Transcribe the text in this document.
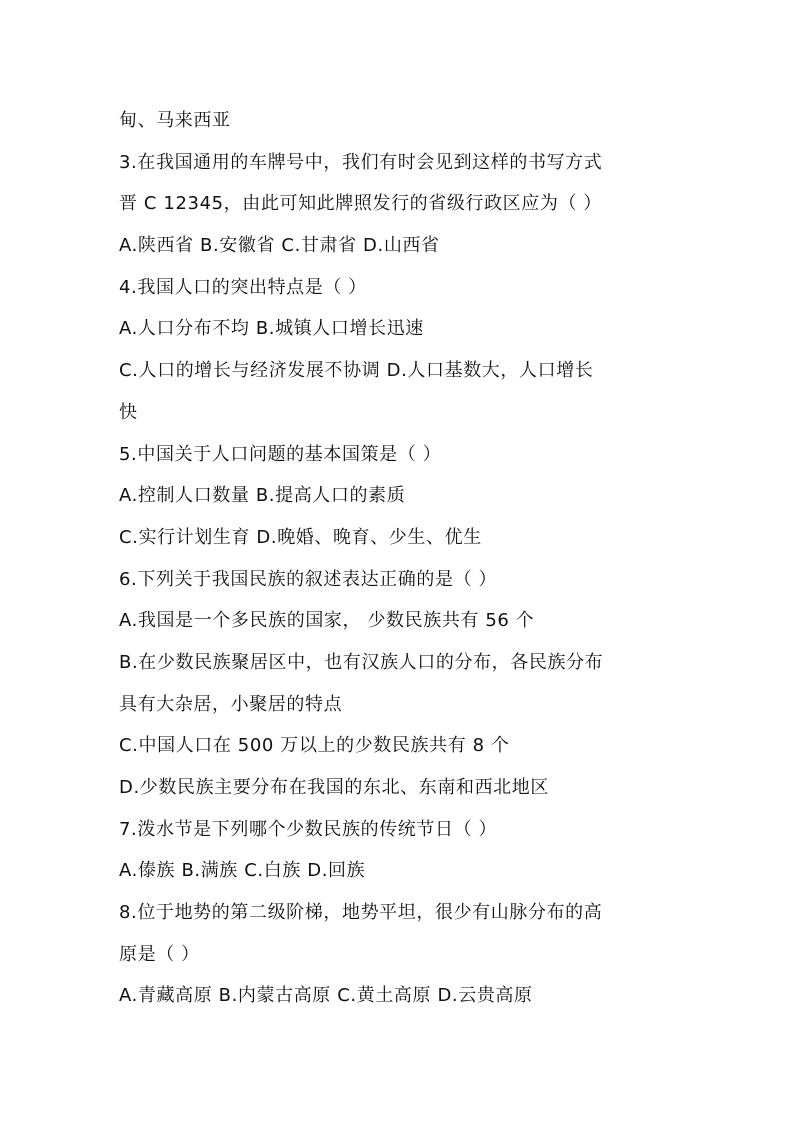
甸、马来西亚
3.在我国通用的车牌号中，我们有时会见到这样的书写方式
晋 C 12345，由此可知此牌照发行的省级行政区应为（ ）
A.陕西省 B.安徽省 C.甘肃省 D.山西省
4.我国人口的突出特点是（ ）
A.人口分布不均 B.城镇人口增长迅速
C.人口的增长与经济发展不协调 D.人口基数大，人口增长
快
5.中国关于人口问题的基本国策是（ ）
A.控制人口数量 B.提高人口的素质
C.实行计划生育 D.晚婚、晚育、少生、优生
6.下列关于我国民族的叙述表达正确的是（ ）
A.我国是一个多民族的国家， 少数民族共有 56 个
B.在少数民族聚居区中，也有汉族人口的分布，各民族分布
具有大杂居，小聚居的特点
C.中国人口在 500 万以上的少数民族共有 8 个
D.少数民族主要分布在我国的东北、东南和西北地区
7.泼水节是下列哪个少数民族的传统节日（ ）
A.傣族 B.满族 C.白族 D.回族
8.位于地势的第二级阶梯，地势平坦，很少有山脉分布的高
原是（ ）
A.青藏高原 B.内蒙古高原 C.黄土高原 D.云贵高原
